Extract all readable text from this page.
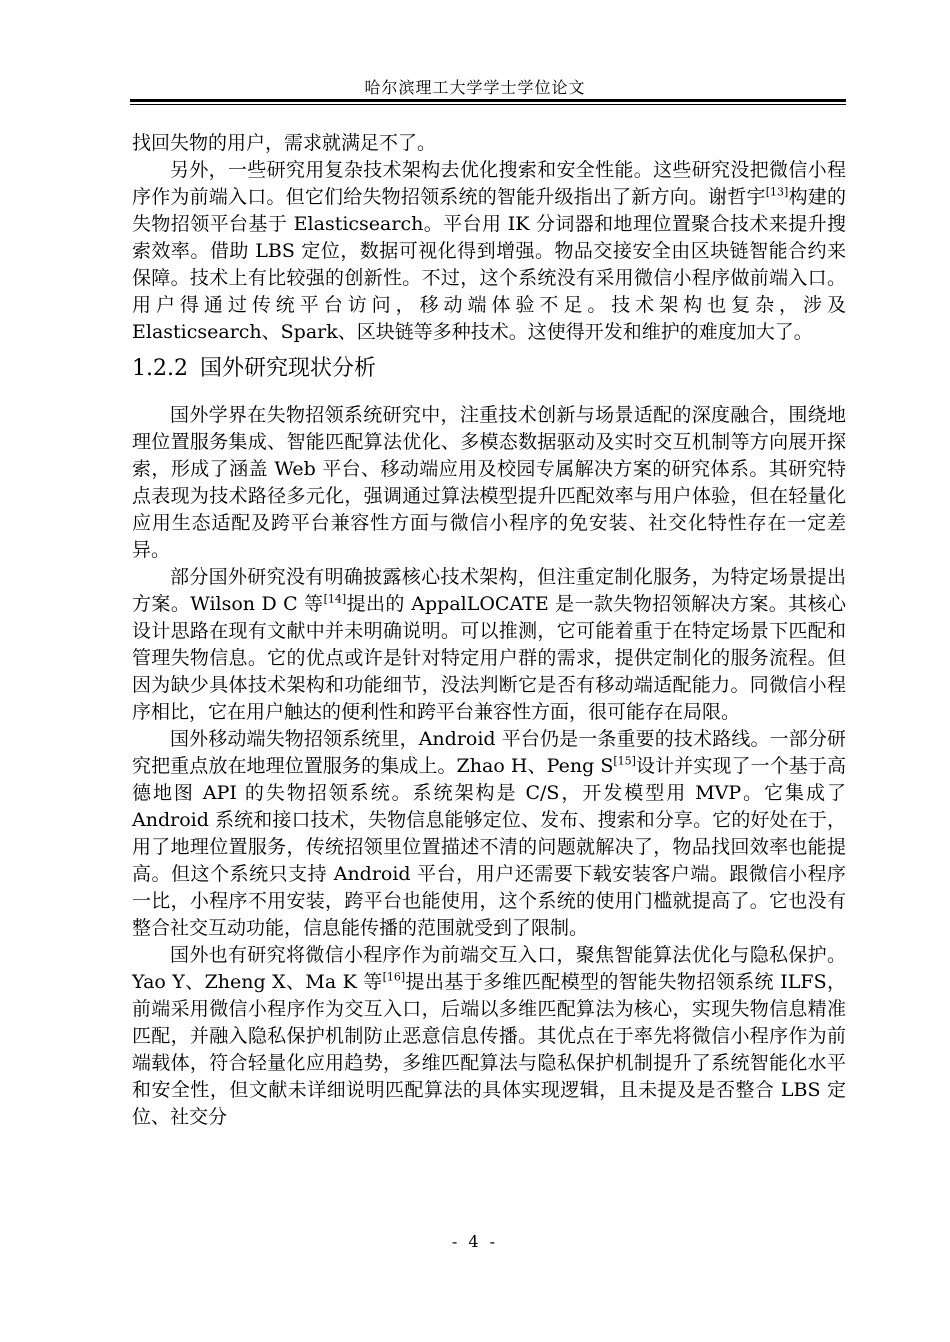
哈尔滨理工大学学士学位论文

找回失物的用户，需求就满足不了。

另外，一些研究用复杂技术架构去优化搜索和安全性能。这些研究没把微信小程序作为前端入口。但它们给失物招领系统的智能升级指出了新方向。谢哲宇[13]构建的失物招领平台基于 Elasticsearch。平台用 IK 分词器和地理位置聚合技术来提升搜索效率。借助 LBS 定位，数据可视化得到增强。物品交接安全由区块链智能合约来保障。技术上有比较强的创新性。不过，这个系统没有采用微信小程序做前端入口。用户得通过传统平台访问，移动端体验不足。技术架构也复杂，涉及 Elasticsearch、Spark、区块链等多种技术。这使得开发和维护的难度加大了。

1.2.2 国外研究现状分析

国外学界在失物招领系统研究中，注重技术创新与场景适配的深度融合，围绕地理位置服务集成、智能匹配算法优化、多模态数据驱动及实时交互机制等方向展开探索，形成了涵盖 Web 平台、移动端应用及校园专属解决方案的研究体系。其研究特点表现为技术路径多元化，强调通过算法模型提升匹配效率与用户体验，但在轻量化应用生态适配及跨平台兼容性方面与微信小程序的免安装、社交化特性存在一定差异。

部分国外研究没有明确披露核心技术架构，但注重定制化服务，为特定场景提出方案。Wilson D C 等[14]提出的 AppalLOCATE 是一款失物招领解决方案。其核心设计思路在现有文献中并未明确说明。可以推测，它可能着重于在特定场景下匹配和管理失物信息。它的优点或许是针对特定用户群的需求，提供定制化的服务流程。但因为缺少具体技术架构和功能细节，没法判断它是否有移动端适配能力。同微信小程序相比，它在用户触达的便利性和跨平台兼容性方面，很可能存在局限。

国外移动端失物招领系统里，Android 平台仍是一条重要的技术路线。一部分研究把重点放在地理位置服务的集成上。Zhao H、Peng S[15]设计并实现了一个基于高德地图 API 的失物招领系统。系统架构是 C/S，开发模型用 MVP。它集成了 Android 系统和接口技术，失物信息能够定位、发布、搜索和分享。它的好处在于，用了地理位置服务，传统招领里位置描述不清的问题就解决了，物品找回效率也能提高。但这个系统只支持 Android 平台，用户还需要下载安装客户端。跟微信小程序一比，小程序不用安装，跨平台也能使用，这个系统的使用门槛就提高了。它也没有整合社交互动功能，信息能传播的范围就受到了限制。

国外也有研究将微信小程序作为前端交互入口，聚焦智能算法优化与隐私保护。Yao Y、Zheng X、Ma K 等[16]提出基于多维匹配模型的智能失物招领系统 ILFS，前端采用微信小程序作为交互入口，后端以多维匹配算法为核心，实现失物信息精准匹配，并融入隐私保护机制防止恶意信息传播。其优点在于率先将微信小程序作为前端载体，符合轻量化应用趋势，多维匹配算法与隐私保护机制提升了系统智能化水平和安全性，但文献未详细说明匹配算法的具体实现逻辑，且未提及是否整合 LBS 定位、社交分

- 4 -
